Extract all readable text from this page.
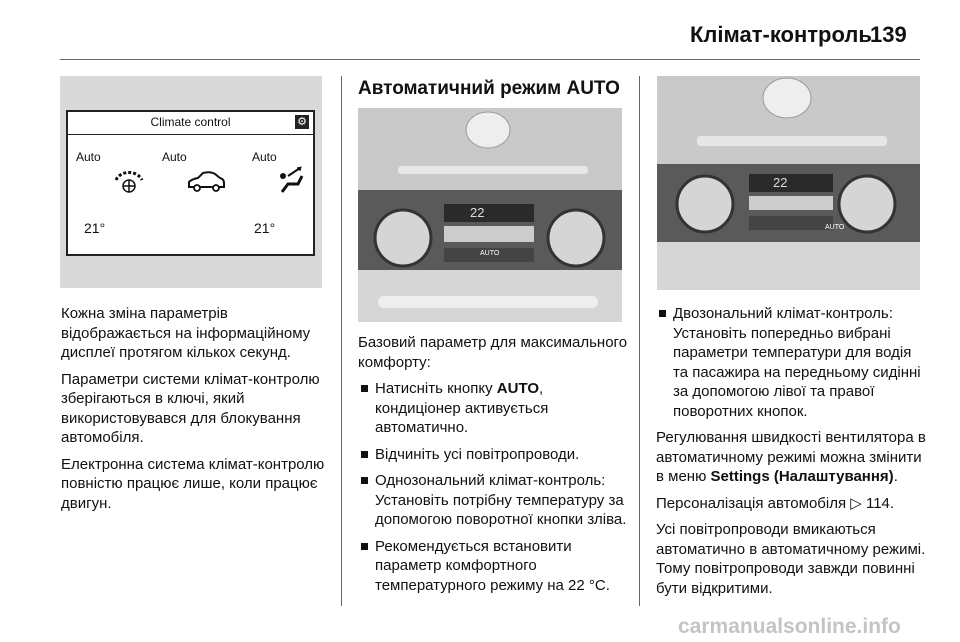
Клімат-контроль
139
Climate control	⚙
Auto	Auto	Auto
21°	21°

Кожна зміна параметрів відображається на інформаційному дисплеї протягом кількох секунд.

Параметри системи клімат-контролю зберігаються в ключі, який використовувався для блокування автомобіля.

Електронна система клімат-контролю повністю працює лише, коли працює двигун.

Автоматичний режим AUTO
22
AUTO

Базовий параметр для максимального комфорту:

Натисніть кнопку AUTO, кондиціонер активується автоматично.
Відчиніть усі повітропроводи.
Однозональний клімат-контроль: Установіть потрібну температуру за допомогою поворотної кнопки зліва.
Рекомендується встановити параметр комфортного температурного режиму на 22 °C.
22
AUTO
Двозональний клімат-контроль: Установіть попередньо вибрані параметри температури для водія та пасажира на передньому сидінні за допомогою лівої та правої поворотних кнопок.

Регулювання швидкості вентилятора в автоматичному режимі можна змінити в меню Settings (Налаштування).

Персоналізація автомобіля ▷ 114.

Усі повітропроводи вмикаються автоматично в автоматичному режимі. Тому повітропроводи завжди повинні бути відкритими.

carmanualsonline.info
